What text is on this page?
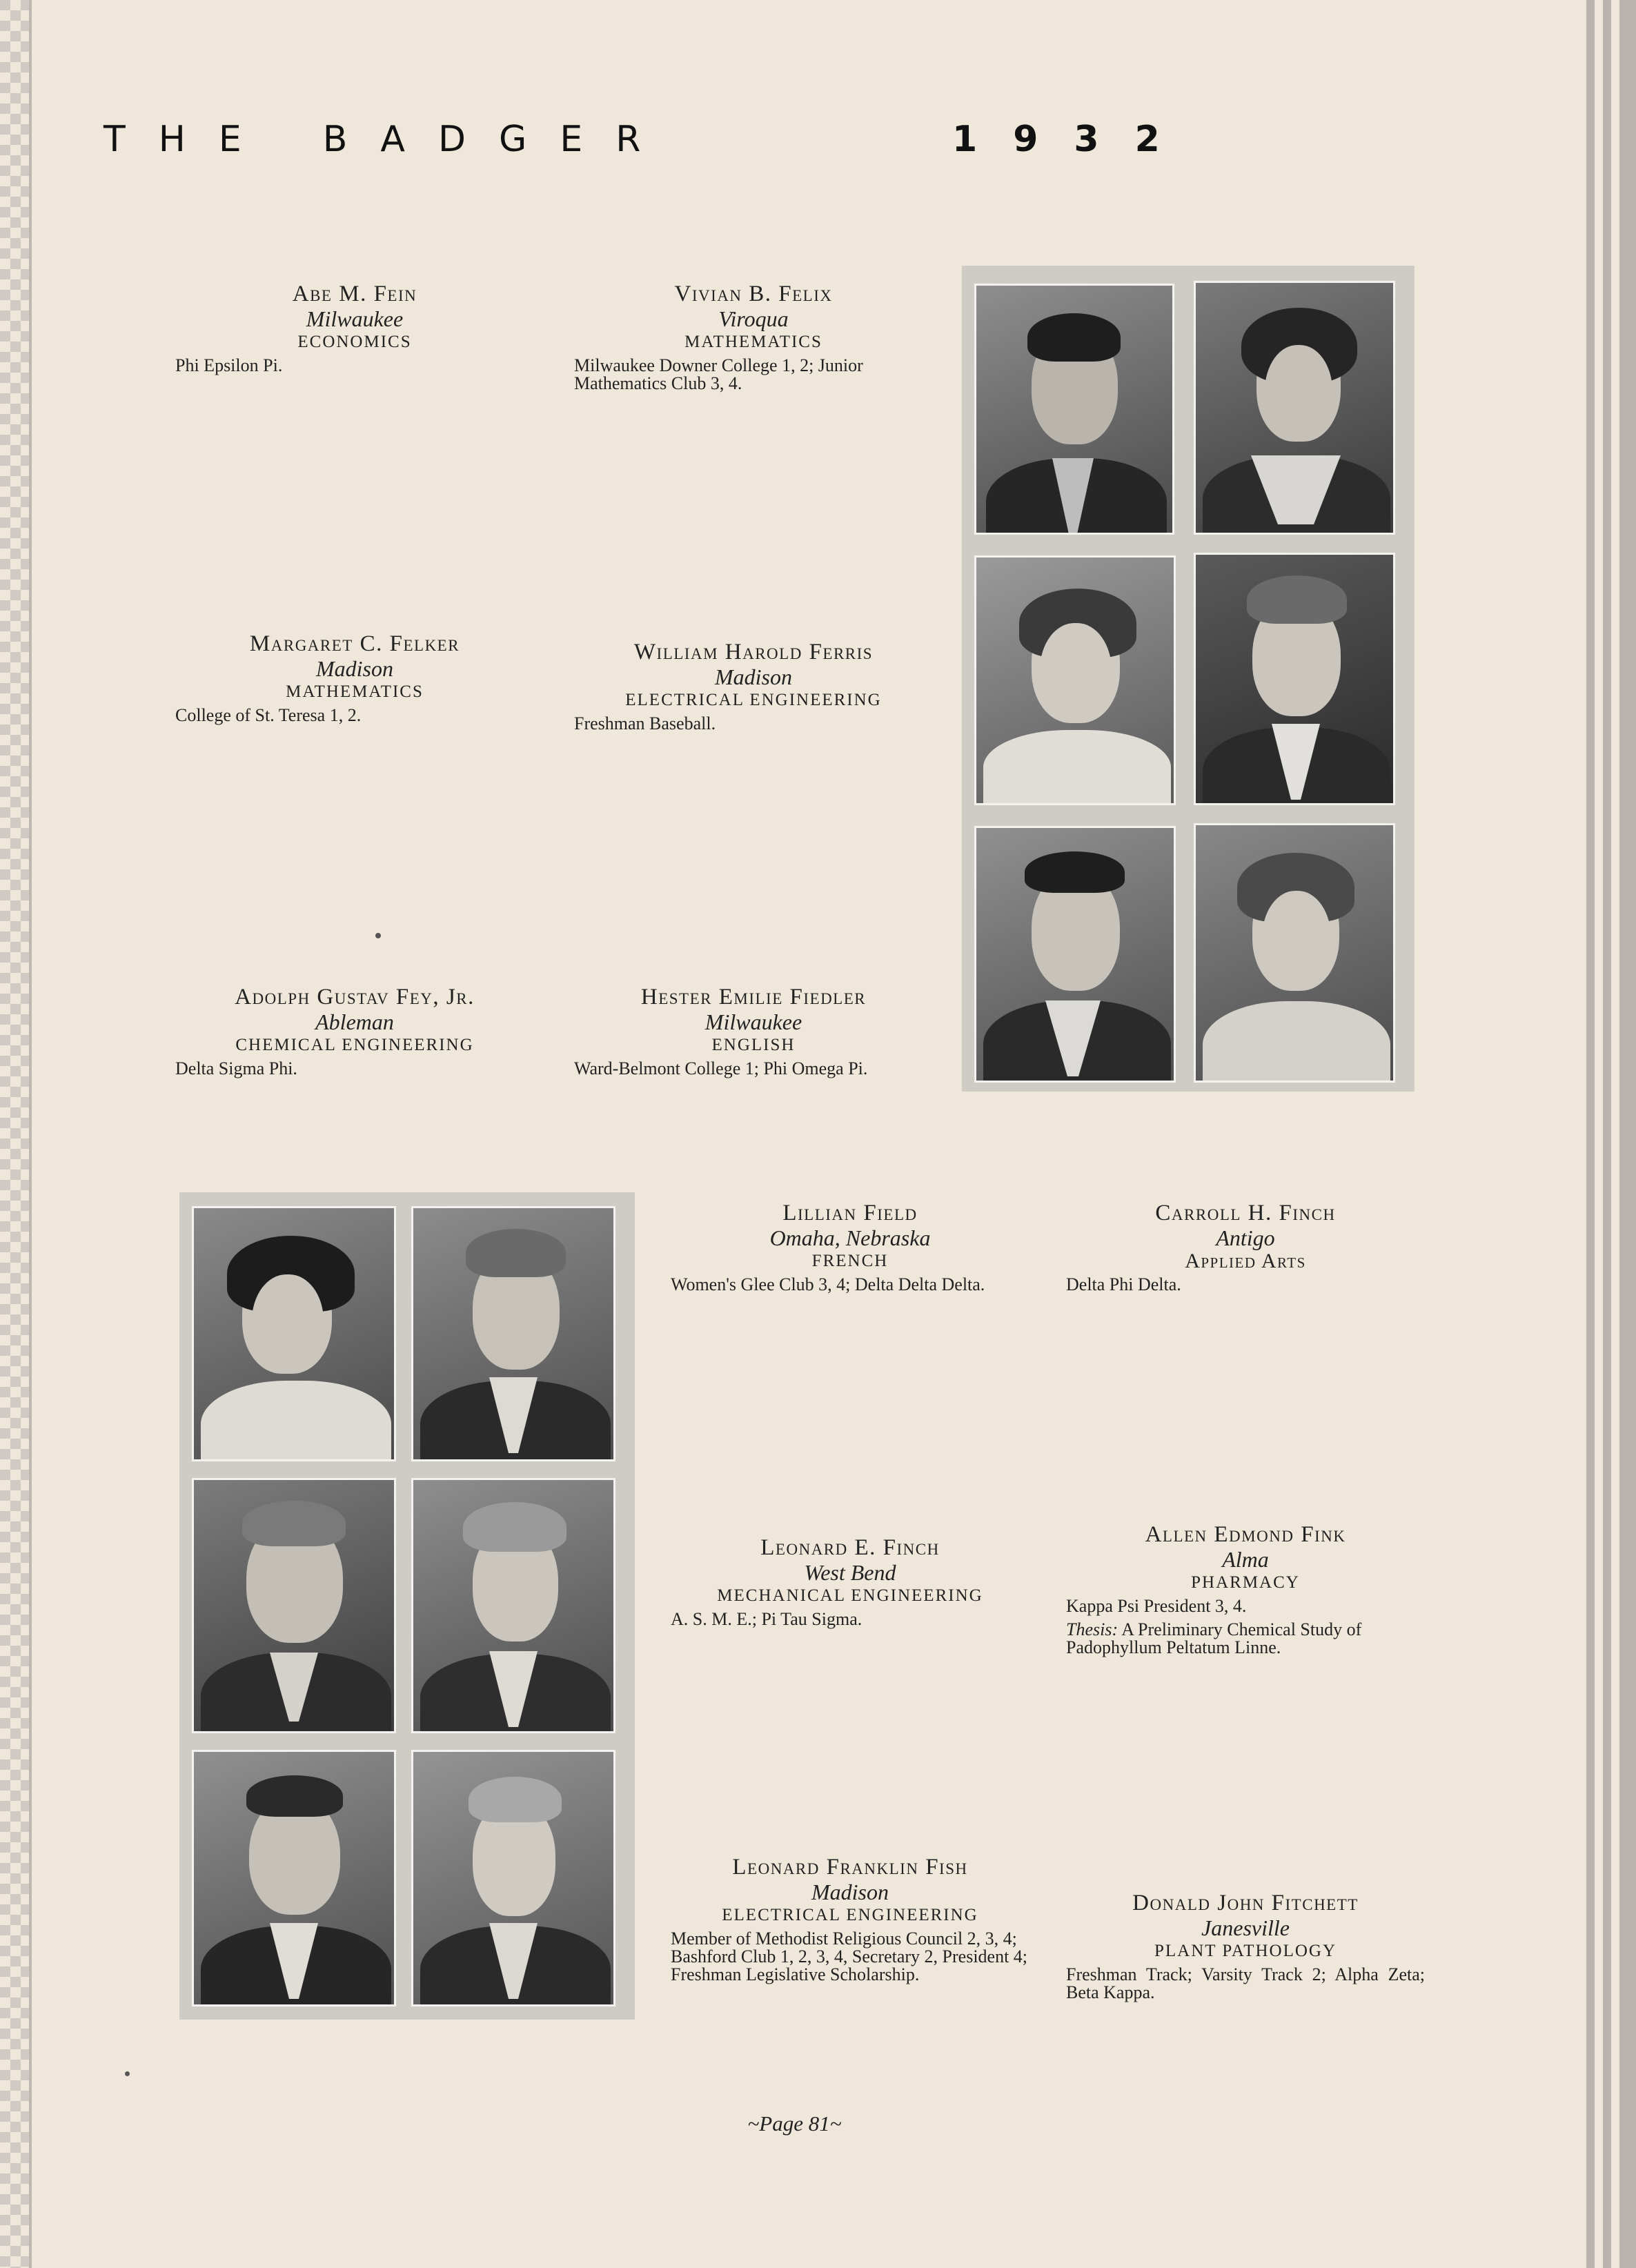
T H E B A D G E R	1 9 3 2
Abe M. Fein
Milwaukee
ECONOMICS
Phi Epsilon Pi.
Vivian B. Felix
Viroqua
MATHEMATICS
Milwaukee Downer College 1, 2; Junior Mathematics Club 3, 4.
Margaret C. Felker
Madison
MATHEMATICS
College of St. Teresa 1, 2.
William Harold Ferris
Madison
ELECTRICAL ENGINEERING
Freshman Baseball.
Adolph Gustav Fey, Jr.
Ableman
CHEMICAL ENGINEERING
Delta Sigma Phi.
Hester Emilie Fiedler
Milwaukee
ENGLISH
Ward-Belmont College 1; Phi Omega Pi.
Lillian Field
Omaha, Nebraska
FRENCH
Women's Glee Club 3, 4; Delta Delta Delta.
Carroll H. Finch
Antigo
Applied Arts
Delta Phi Delta.
Leonard E. Finch
West Bend
MECHANICAL ENGINEERING
A. S. M. E.; Pi Tau Sigma.
Allen Edmond Fink
Alma
PHARMACY
Kappa Psi President 3, 4.
Thesis: A Preliminary Chemical Study of Padophyllum Peltatum Linne.
Leonard Franklin Fish
Madison
ELECTRICAL ENGINEERING
Member of Methodist Religious Council 2, 3, 4; Bashford Club 1, 2, 3, 4, Secretary 2, President 4; Freshman Legislative Scholarship.
Donald John Fitchett
Janesville
PLANT PATHOLOGY
Freshman Track; Varsity Track 2; Alpha Zeta; Beta Kappa.
~Page 81~
